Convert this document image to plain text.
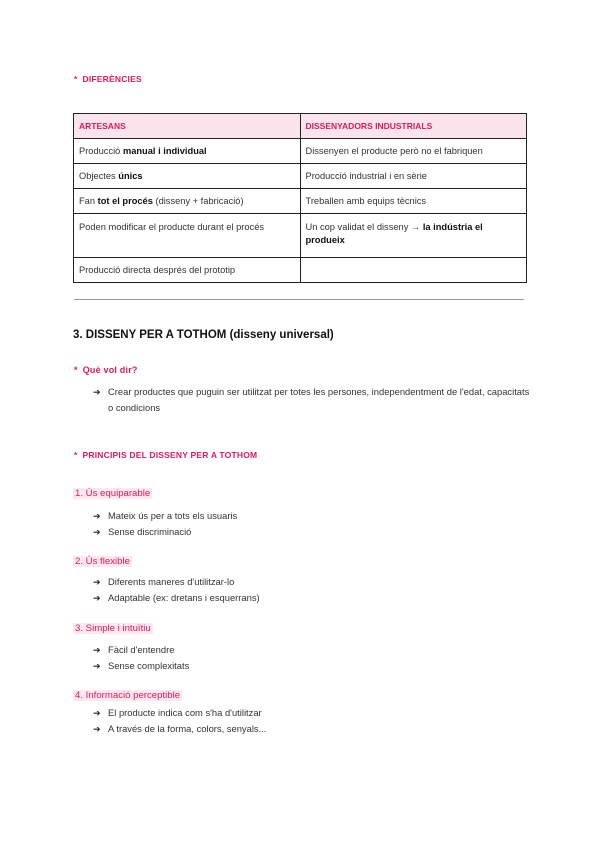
* DIFERÈNCIES
ARTESANS	DISSENYADORS INDUSTRIALS
Producció manual i individual	Dissenyen el producte però no el fabriquen
Objectes únics	Producció industrial i en sèrie
Fan tot el procés (disseny + fabricació)	Treballen amb equips tècnics
Poden modificar el producte durant el procés	Un cop validat el disseny → la indústria el produeix
Producció directa després del prototip	
3. DISSENY PER A TOTHOM (disseny universal)
* Què vol dir?
➔ Crear productes que puguin ser utilitzat per totes les persones, independentment de l'edat, capacitats o condicions
* PRINCIPIS DEL DISSENY PER A TOTHOM
1. Ús equiparable
➔ Mateix ús per a tots els usuaris
➔ Sense discriminació
2. Ús flexible
➔ Diferents maneres d'utilitzar-lo
➔ Adaptable (ex: dretans i esquerrans)
3. Simple i intuïtiu
➔ Fàcil d'entendre
➔ Sense complexitats
4. Informació perceptible
➔ El producte indica com s'ha d'utilitzar
➔ A través de la forma, colors, senyals...
